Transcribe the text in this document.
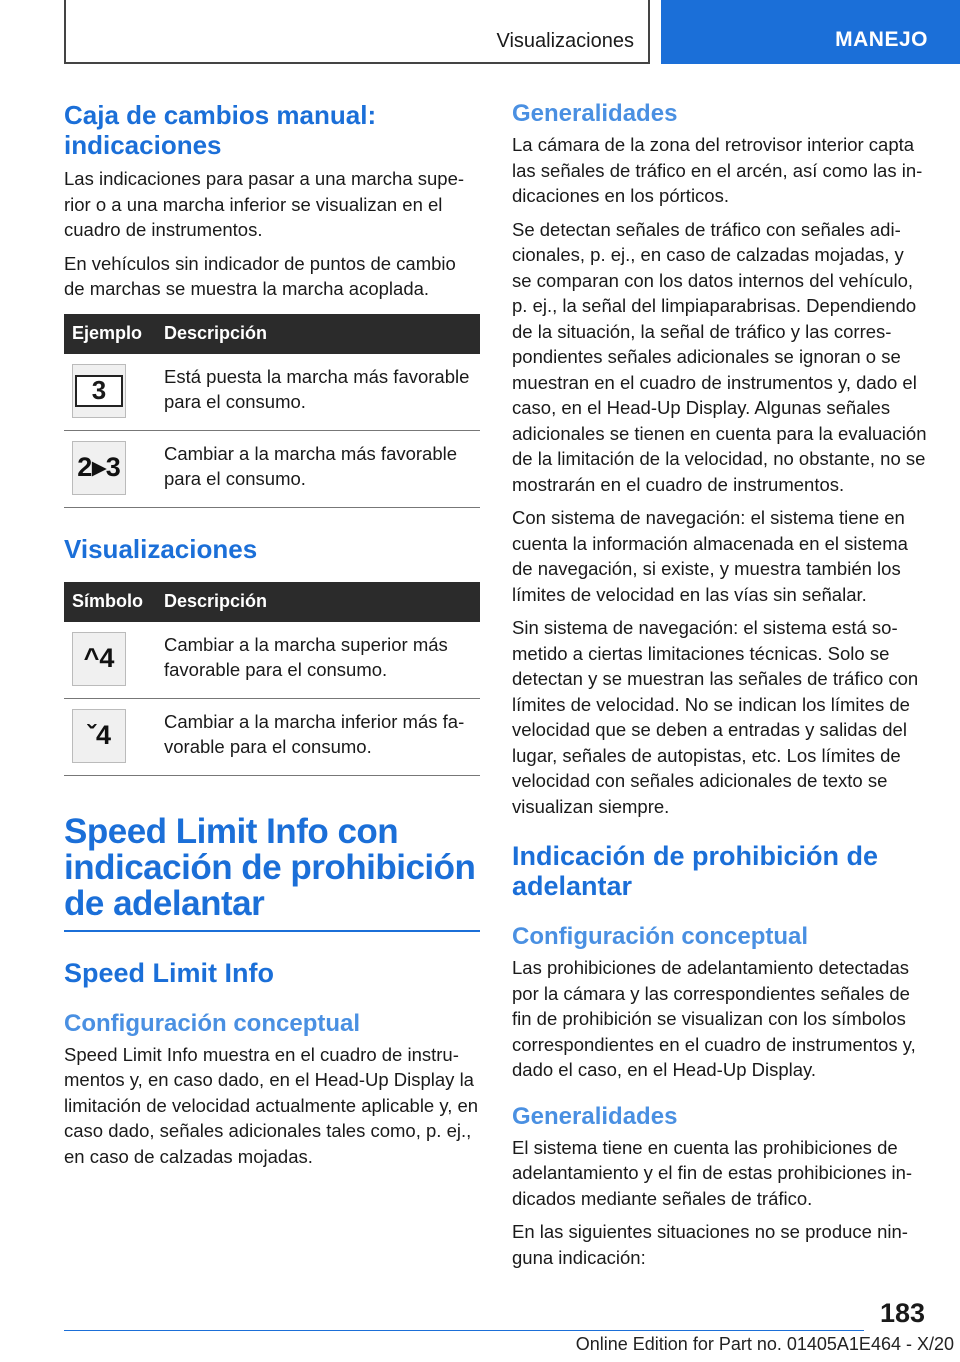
Visualizaciones	MANEJO
Caja de cambios manual: indicaciones

Las indicaciones para pasar a una marcha superior o a una marcha inferior se visualizan en el cuadro de instrumentos.

En vehículos sin indicador de puntos de cambio de marchas se muestra la marcha acoplada.

Ejemplo	Descripción

3	Está puesta la marcha más favorable para el consumo.

2▸3	Cambiar a la marcha más favorable para el consumo.
Visualizaciones
Símbolo	Descripción

^4	Cambiar a la marcha superior más favorable para el consumo.

ˇ4	Cambiar a la marcha inferior más favorable para el consumo.
Speed Limit Info con indicación de prohibición de adelantar
Speed Limit Info
Configuración conceptual

Speed Limit Info muestra en el cuadro de instrumentos y, en caso dado, en el Head-Up Display la limitación de velocidad actualmente aplicable y, en caso dado, señales adicionales tales como, p. ej., en caso de calzadas mojadas.

Generalidades

La cámara de la zona del retrovisor interior capta las señales de tráfico en el arcén, así como las indicaciones en los pórticos.

Se detectan señales de tráfico con señales adicionales, p. ej., en caso de calzadas mojadas, y se comparan con los datos internos del vehículo, p. ej., la señal del limpiaparabrisas. Dependiendo de la situación, la señal de tráfico y las correspondientes señales adicionales se ignoran o se muestran en el cuadro de instrumentos y, dado el caso, en el Head-Up Display. Algunas señales adicionales se tienen en cuenta para la evaluación de la limitación de la velocidad, no obstante, no se mostrarán en el cuadro de instrumentos.

Con sistema de navegación: el sistema tiene en cuenta la información almacenada en el sistema de navegación, si existe, y muestra también los límites de velocidad en las vías sin señalar.

Sin sistema de navegación: el sistema está sometido a ciertas limitaciones técnicas. Solo se detectan y se muestran las señales de tráfico con límites de velocidad. No se indican los límites de velocidad que se deben a entradas y salidas del lugar, señales de autopistas, etc. Los límites de velocidad con señales adicionales de texto se visualizan siempre.

Indicación de prohibición de adelantar
Configuración conceptual

Las prohibiciones de adelantamiento detectadas por la cámara y las correspondientes señales de fin de prohibición se visualizan con los símbolos correspondientes en el cuadro de instrumentos y, dado el caso, en el Head-Up Display.

Generalidades

El sistema tiene en cuenta las prohibiciones de adelantamiento y el fin de estas prohibiciones indicados mediante señales de tráfico.

En las siguientes situaciones no se produce ninguna indicación:

183
Online Edition for Part no. 01405A1E464 - X/20
